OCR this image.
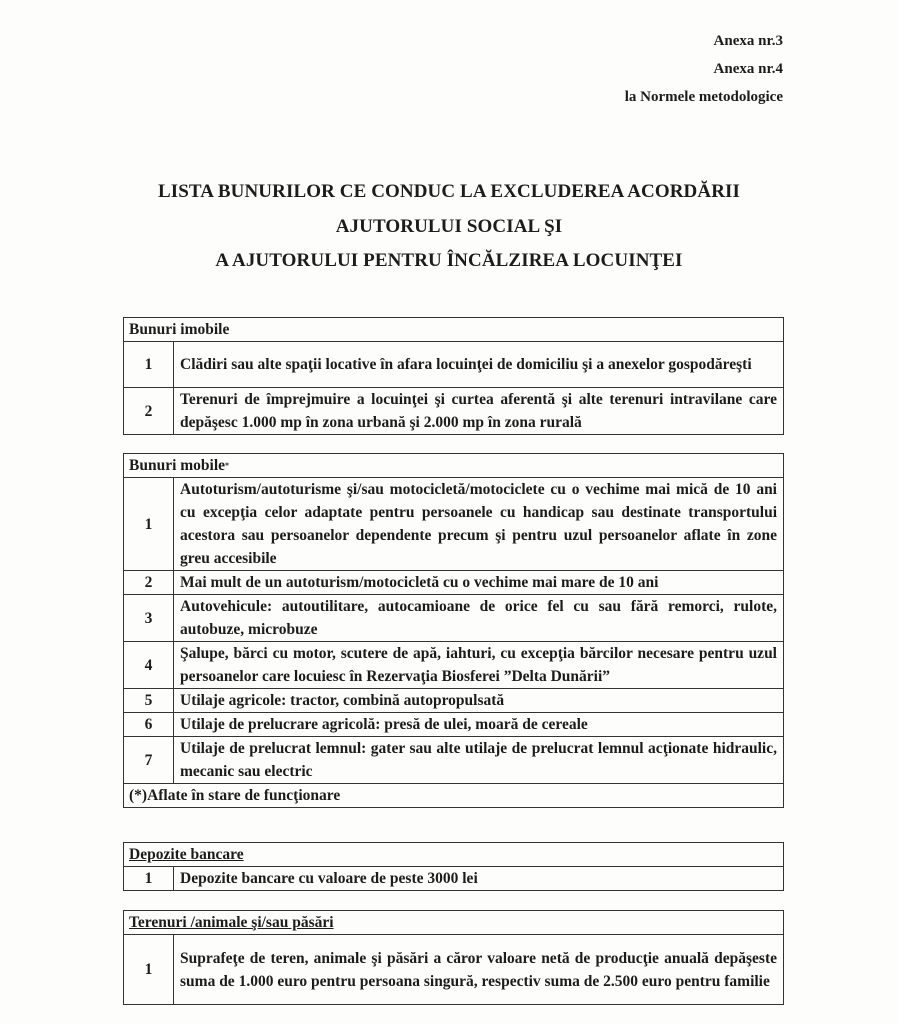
Anexa nr.3
Anexa nr.4
la Normele metodologice
LISTA BUNURILOR CE CONDUC LA EXCLUDEREA ACORDĂRII
AJUTORULUI SOCIAL ŞI
A AJUTORULUI PENTRU ÎNCĂLZIREA LOCUINŢEI
Bunuri imobile	
1	Clădiri sau alte spaţii locative în afara locuinţei de domiciliu şi a anexelor gospodăreşti
2	Terenuri de împrejmuire a locuinţei şi curtea aferentă şi alte terenuri intravilane care depăşesc 1.000 mp în zona urbană şi 2.000 mp în zona rurală
Bunuri mobile*
1	Autoturism/autoturisme şi/sau motocicletă/motociclete cu o vechime mai mică de 10 ani cu excepţia celor adaptate pentru persoanele cu handicap sau destinate transportului acestora sau persoanelor dependente precum şi pentru uzul persoanelor aflate în zone greu accesibile
2	Mai mult de un autoturism/motocicletă cu o vechime mai mare de 10 ani
3	Autovehicule: autoutilitare, autocamioane de orice fel cu sau fără remorci, rulote, autobuze, microbuze
4	Şalupe, bărci cu motor, scutere de apă, iahturi, cu excepţia bărcilor necesare pentru uzul persoanelor care locuiesc în Rezervaţia Biosferei ”Delta Dunării”
5	Utilaje agricole: tractor, combină autopropulsată
6	Utilaje de prelucrare agricolă: presă de ulei, moară de cereale
7	Utilaje de prelucrat lemnul: gater sau alte utilaje de prelucrat lemnul acţionate hidraulic, mecanic sau electric
(*)Aflate în stare de funcţionare	
Depozite bancare
1	Depozite bancare cu valoare de peste 3000 lei
Terenuri /animale şi/sau păsări
1	Suprafeţe de teren, animale şi păsări a căror valoare netă de producţie anuală depăşeste suma de 1.000 euro pentru persoana singură, respectiv suma de 2.500 euro pentru familie
